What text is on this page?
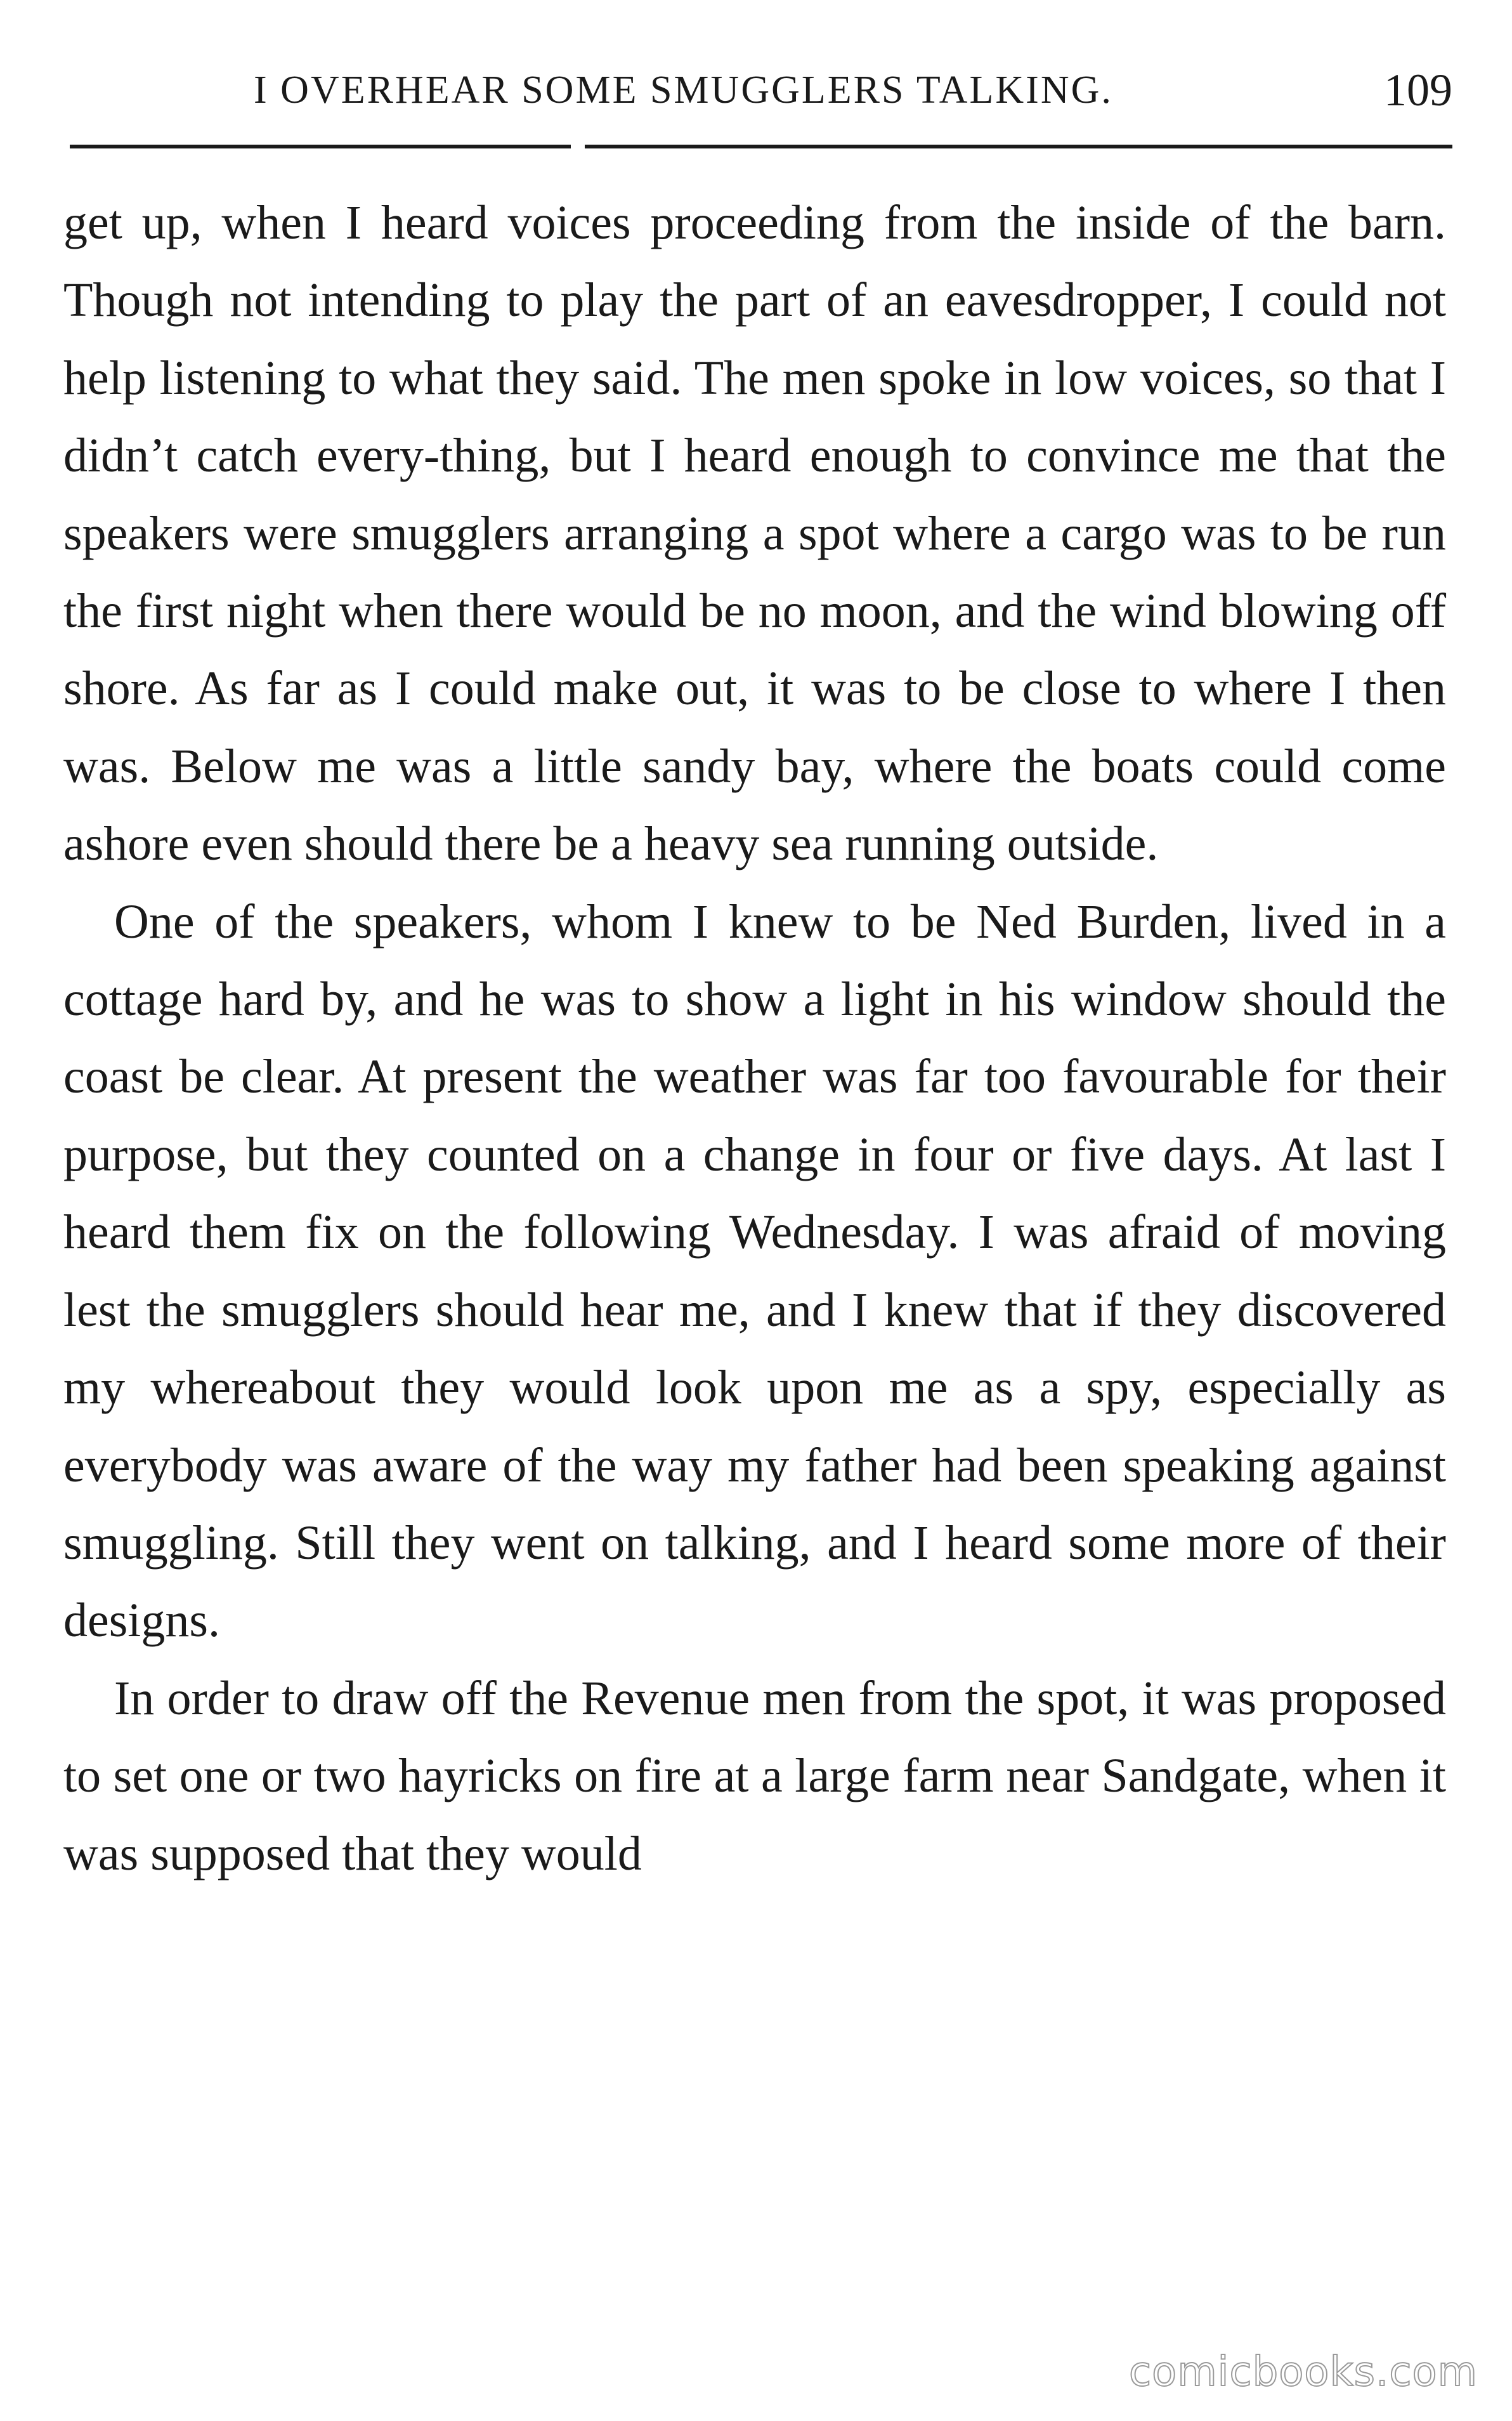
I OVERHEAR SOME SMUGGLERS TALKING.	109

get up, when I heard voices proceeding from the inside of the barn. Though not intending to play the part of an eavesdropper, I could not help listening to what they said. The men spoke in low voices, so that I didn’t catch every-thing, but I heard enough to convince me that the speakers were smugglers arranging a spot where a cargo was to be run the first night when there would be no moon, and the wind blowing off shore. As far as I could make out, it was to be close to where I then was. Below me was a little sandy bay, where the boats could come ashore even should there be a heavy sea running outside.

One of the speakers, whom I knew to be Ned Burden, lived in a cottage hard by, and he was to show a light in his window should the coast be clear. At present the weather was far too favourable for their purpose, but they counted on a change in four or five days. At last I heard them fix on the following Wednesday. I was afraid of moving lest the smugglers should hear me, and I knew that if they discovered my whereabout they would look upon me as a spy, especially as everybody was aware of the way my father had been speaking against smuggling. Still they went on talking, and I heard some more of their designs.

In order to draw off the Revenue men from the spot, it was proposed to set one or two hayricks on fire at a large farm near Sandgate, when it was supposed that they would

comicbooks.com
